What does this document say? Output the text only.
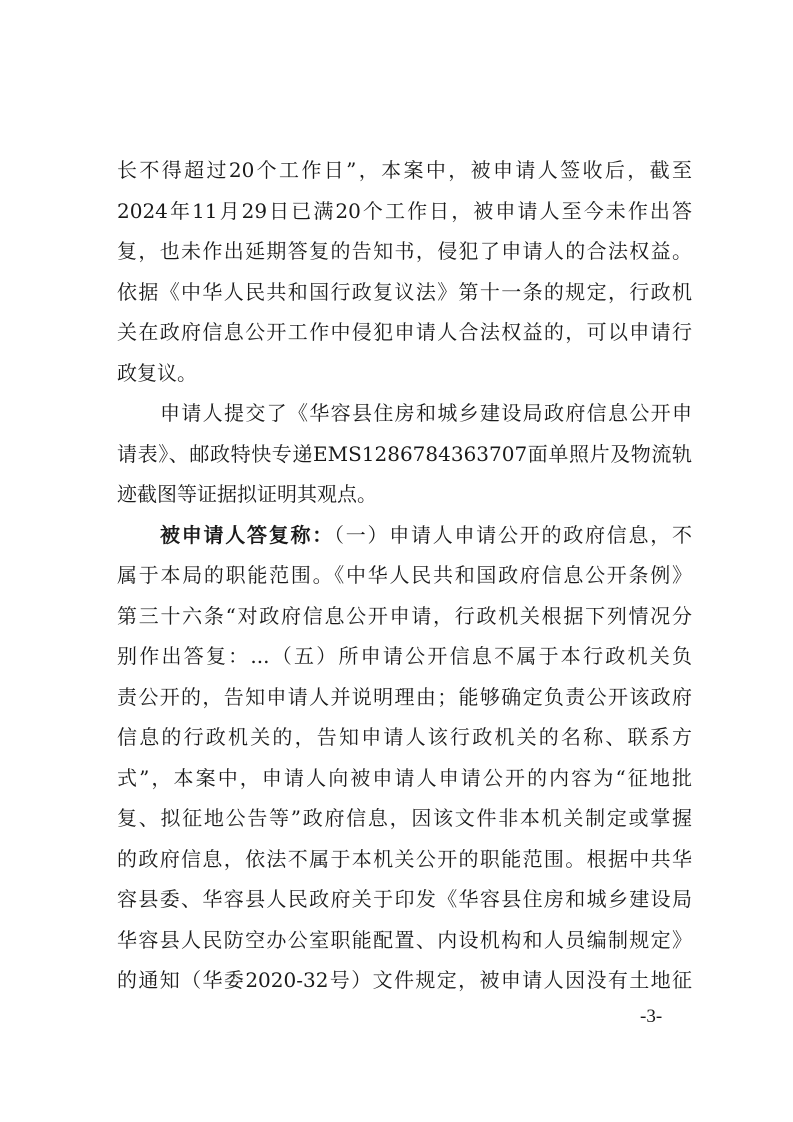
长不得超过20个工作日”，本案中，被申请人签收后，截至
2024年11月29日已满20个工作日，被申请人至今未作出答
复，也未作出延期答复的告知书，侵犯了申请人的合法权益。
依据《中华人民共和国行政复议法》第十一条的规定，行政机
关在政府信息公开工作中侵犯申请人合法权益的，可以申请行
政复议。
申请人提交了《华容县住房和城乡建设局政府信息公开申
请表》、邮政特快专递EMS1286784363707面单照片及物流轨
迹截图等证据拟证明其观点。
被申请人答复称：（一）申请人申请公开的政府信息，不
属于本局的职能范围。《中华人民共和国政府信息公开条例》
第三十六条“对政府信息公开申请，行政机关根据下列情况分
别作出答复：...（五）所申请公开信息不属于本行政机关负
责公开的，告知申请人并说明理由；能够确定负责公开该政府
信息的行政机关的，告知申请人该行政机关的名称、联系方
式”，本案中，申请人向被申请人申请公开的内容为“征地批
复、拟征地公告等”政府信息，因该文件非本机关制定或掌握
的政府信息，依法不属于本机关公开的职能范围。根据中共华
容县委、华容县人民政府关于印发《华容县住房和城乡建设局
华容县人民防空办公室职能配置、内设机构和人员编制规定》
的通知（华委2020-32号）文件规定，被申请人因没有土地征
-3-
